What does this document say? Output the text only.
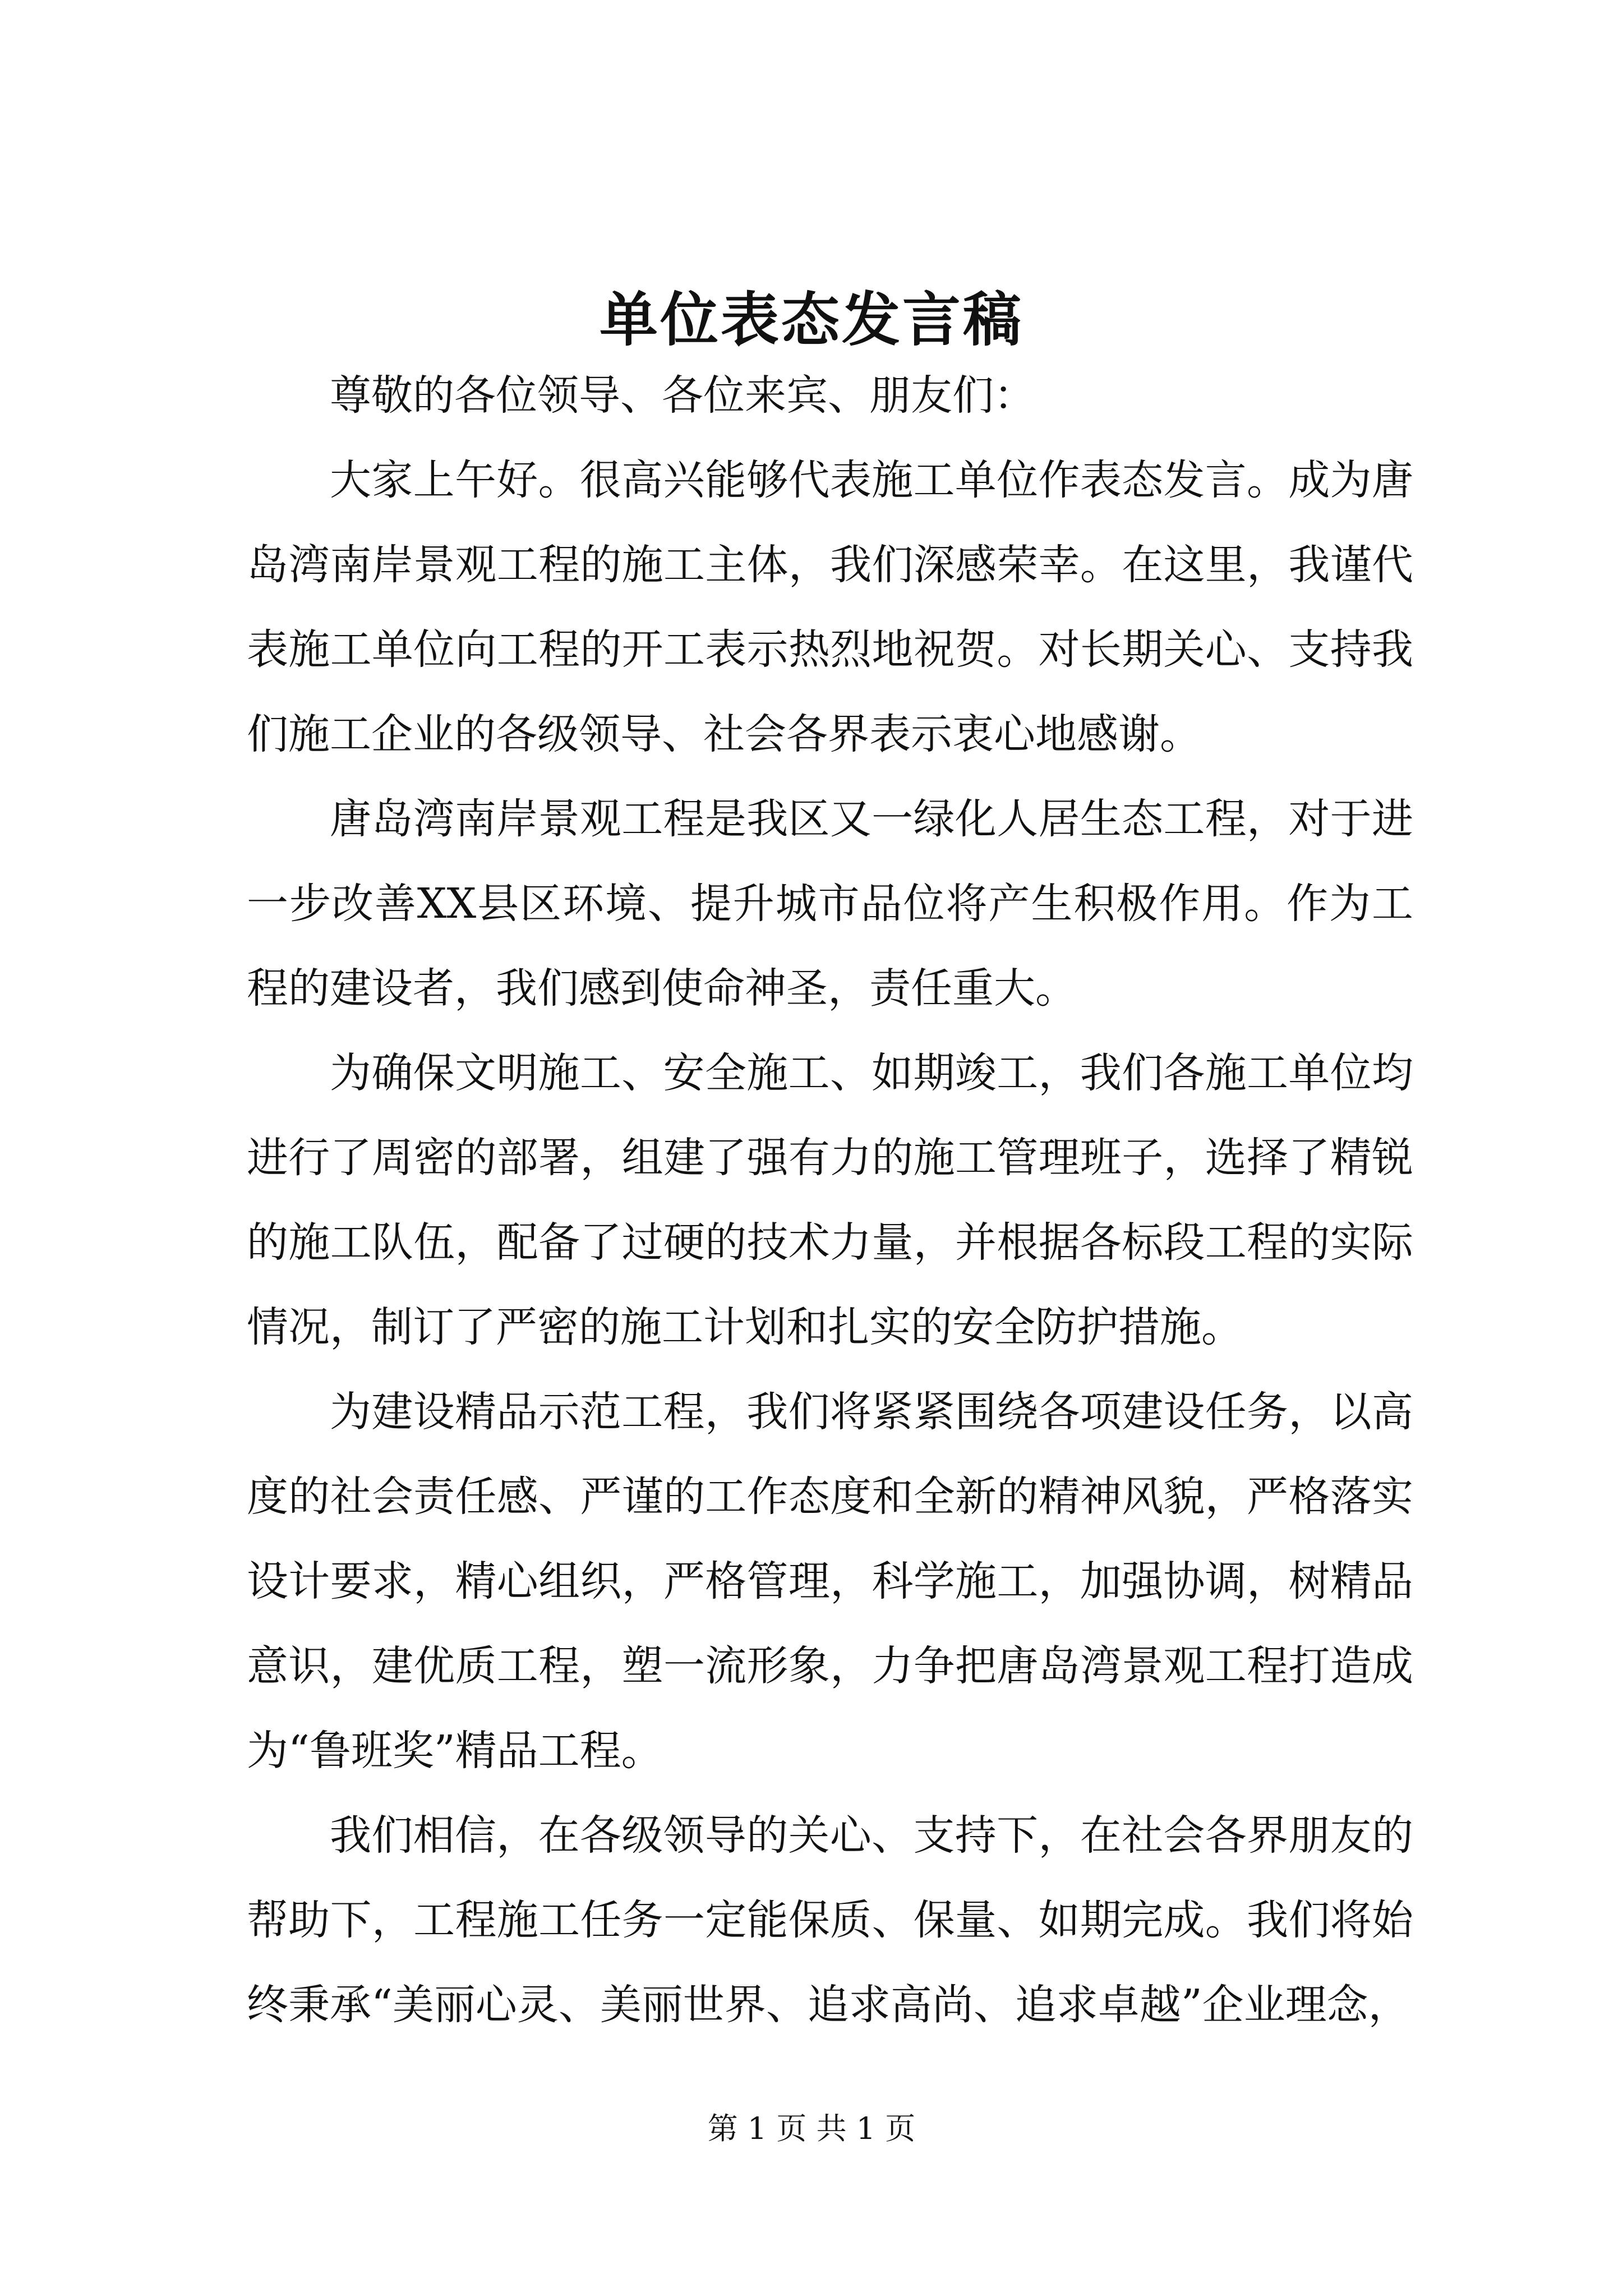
单位表态发言稿

尊敬的各位领导、各位来宾、朋友们：

大家上午好。很高兴能够代表施工单位作表态发言。成为唐岛湾南岸景观工程的施工主体，我们深感荣幸。在这里，我谨代表施工单位向工程的开工表示热烈地祝贺。对长期关心、支持我们施工企业的各级领导、社会各界表示衷心地感谢。

唐岛湾南岸景观工程是我区又一绿化人居生态工程，对于进一步改善XX县区环境、提升城市品位将产生积极作用。作为工程的建设者，我们感到使命神圣，责任重大。

为确保文明施工、安全施工、如期竣工，我们各施工单位均进行了周密的部署，组建了强有力的施工管理班子，选择了精锐的施工队伍，配备了过硬的技术力量，并根据各标段工程的实际情况，制订了严密的施工计划和扎实的安全防护措施。

为建设精品示范工程，我们将紧紧围绕各项建设任务，以高度的社会责任感、严谨的工作态度和全新的精神风貌，严格落实设计要求，精心组织，严格管理，科学施工，加强协调，树精品意识，建优质工程，塑一流形象，力争把唐岛湾景观工程打造成为“鲁班奖”精品工程。

我们相信，在各级领导的关心、支持下，在社会各界朋友的帮助下，工程施工任务一定能保质、保量、如期完成。我们将始终秉承“美丽心灵、美丽世界、追求高尚、追求卓越”企业理念，

第 1 页 共 1 页
